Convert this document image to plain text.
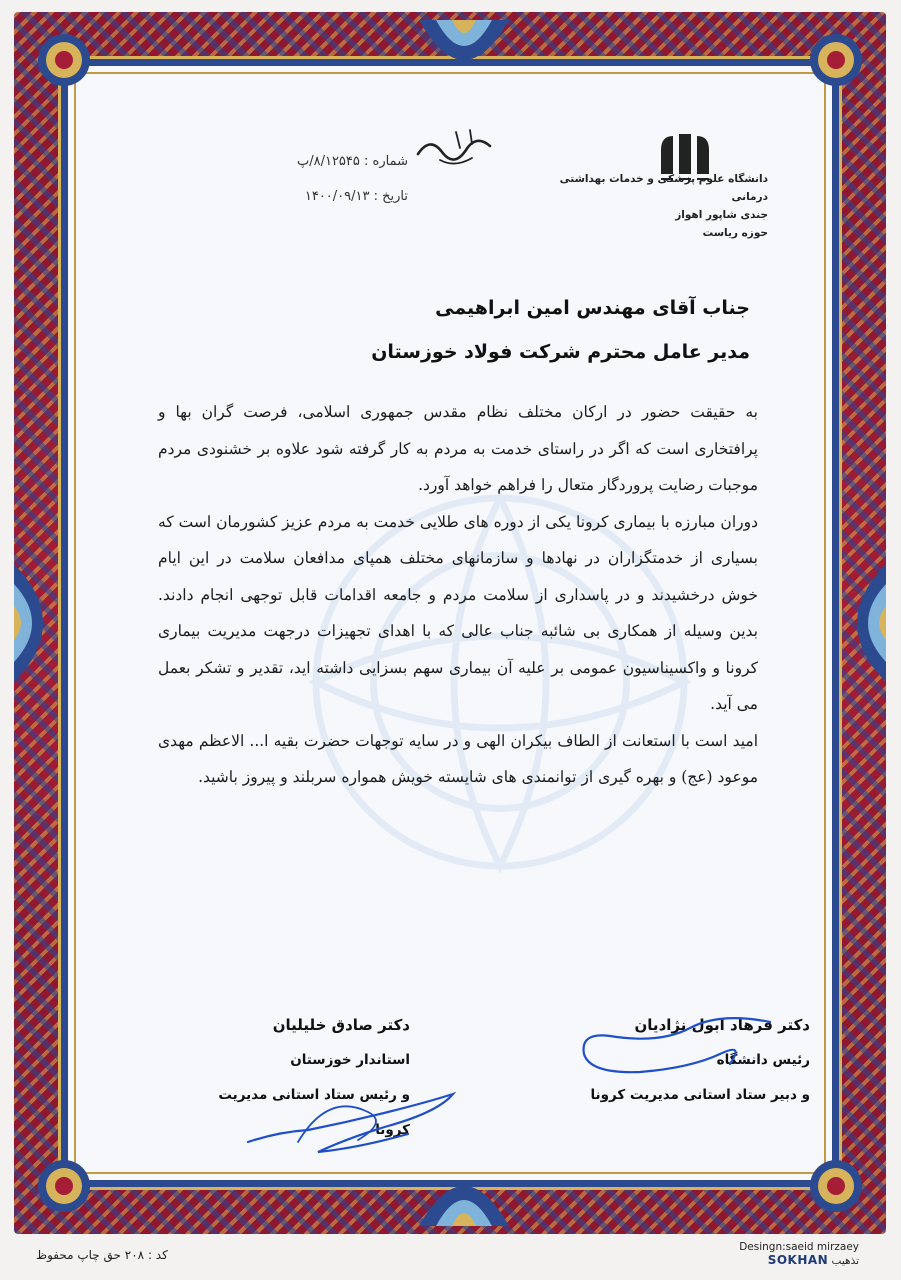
شماره : ۸/۱۲۵۴۵/پ
تاریخ : ۱۴۰۰/۰۹/۱۳
دانشگاه علوم پزشکی و خدمات بهداشتی درمانی
جندی شاپور اهواز
حوزه ریاست
جناب آقای مهندس امین ابراهیمی
مدیر عامل محترم شرکت فولاد خوزستان

به حقیقت حضور در ارکان مختلف نظام مقدس جمهوری اسلامی، فرصت گران بها و پرافتخاری است که اگر در راستای خدمت به مردم به کار گرفته شود علاوه بر خشنودی مردم موجبات رضایت پروردگار متعال را فراهم خواهد آورد.

دوران مبارزه با بیماری کرونا یکی از دوره های طلایی خدمت به مردم عزیز کشورمان است که بسیاری از خدمتگزاران در نهادها و سازمانهای مختلف همپای مدافعان سلامت در این ایام خوش درخشیدند و در پاسداری از سلامت مردم و جامعه اقدامات قابل توجهی انجام دادند. بدین وسیله از همکاری بی شائبه جناب عالی که با اهدای تجهیزات درجهت مدیریت بیماری کرونا و واکسیناسیون عمومی بر علیه آن بیماری سهم بسزایی داشته اید، تقدیر و تشکر بعمل می آید.

امید است با استعانت از الطاف بیکران الهی و در سایه توجهات حضرت بقیه ا... الاعظم مهدی موعود (عج) و بهره گیری از توانمندی های شایسته خویش همواره سربلند و پیروز باشید.

دکتر فرهاد ابول نژادیان
رئیس دانشگاه
و دبیر ستاد استانی مدیریت کرونا
دکتر صادق خلیلیان
استاندار خوزستان
و رئیس ستاد استانی مدیریت کرونا
کد : ۲۰۸ حق چاپ محفوظ
Desingn:saeid mirzaey
SOKHAN تذهیب
